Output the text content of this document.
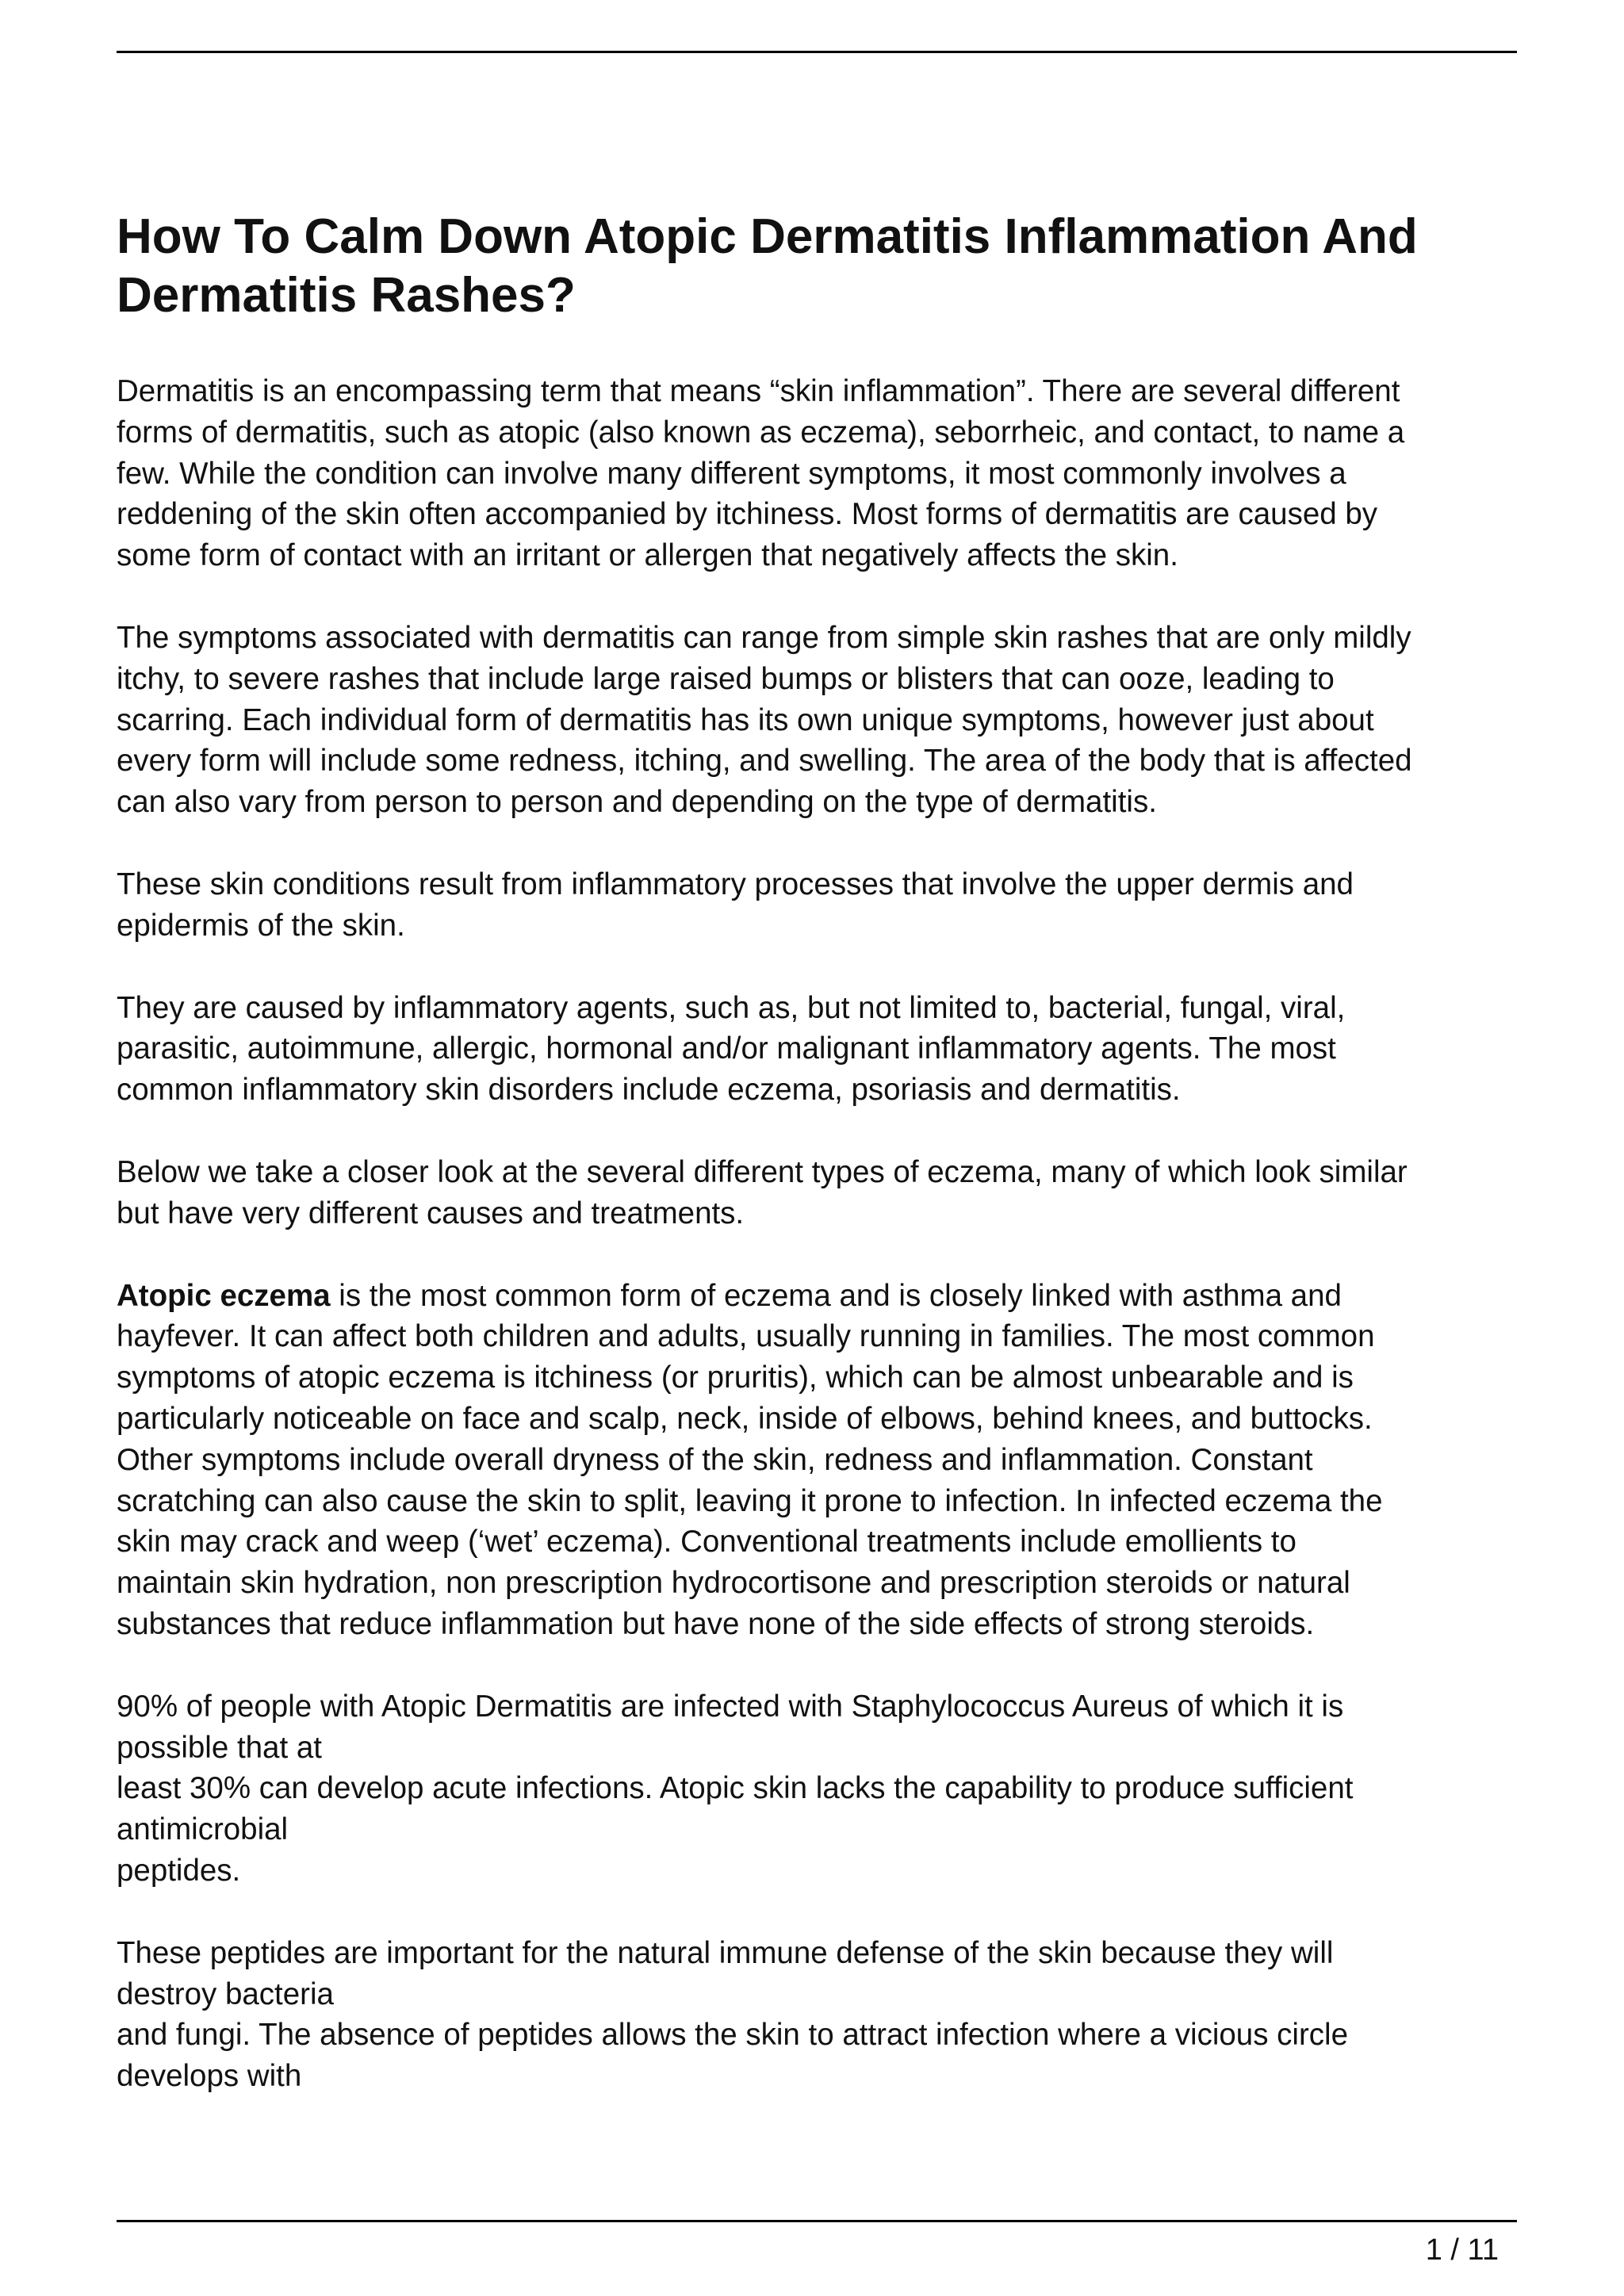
How To Calm Down Atopic Dermatitis Inflammation And Dermatitis Rashes?

Dermatitis is an encompassing term that means “skin inflammation”. There are several different
forms of dermatitis, such as atopic (also known as eczema), seborrheic, and contact, to name a
few. While the condition can involve many different symptoms, it most commonly involves a
reddening of the skin often accompanied by itchiness. Most forms of dermatitis are caused by
some form of contact with an irritant or allergen that negatively affects the skin.

The symptoms associated with dermatitis can range from simple skin rashes that are only mildly
itchy, to severe rashes that include large raised bumps or blisters that can ooze, leading to
scarring. Each individual form of dermatitis has its own unique symptoms, however just about
every form will include some redness, itching, and swelling. The area of the body that is affected
can also vary from person to person and depending on the type of dermatitis.

These skin conditions result from inflammatory processes that involve the upper dermis and
epidermis of the skin.

They are caused by inflammatory agents, such as, but not limited to, bacterial, fungal, viral,
parasitic, autoimmune, allergic, hormonal and/or malignant inflammatory agents. The most
common inflammatory skin disorders include eczema, psoriasis and dermatitis.

Below we take a closer look at the several different types of eczema, many of which look similar
but have very different causes and treatments.

Atopic eczema is the most common form of eczema and is closely linked with asthma and
hayfever. It can affect both children and adults, usually running in families. The most common
symptoms of atopic eczema is itchiness (or pruritis), which can be almost unbearable and is
particularly noticeable on face and scalp, neck, inside of elbows, behind knees, and buttocks.
Other symptoms include overall dryness of the skin, redness and inflammation. Constant
scratching can also cause the skin to split, leaving it prone to infection. In infected eczema the
skin may crack and weep (‘wet’ eczema). Conventional treatments include emollients to
maintain skin hydration, non prescription hydrocortisone and prescription steroids or natural
substances that reduce inflammation but have none of the side effects of strong steroids.

90% of people with Atopic Dermatitis are infected with Staphylococcus Aureus of which it is
possible that at
least 30% can develop acute infections. Atopic skin lacks the capability to produce sufficient
antimicrobial
peptides.

These peptides are important for the natural immune defense of the skin because they will
destroy bacteria
and fungi. The absence of peptides allows the skin to attract infection where a vicious circle
develops with

1 / 11
